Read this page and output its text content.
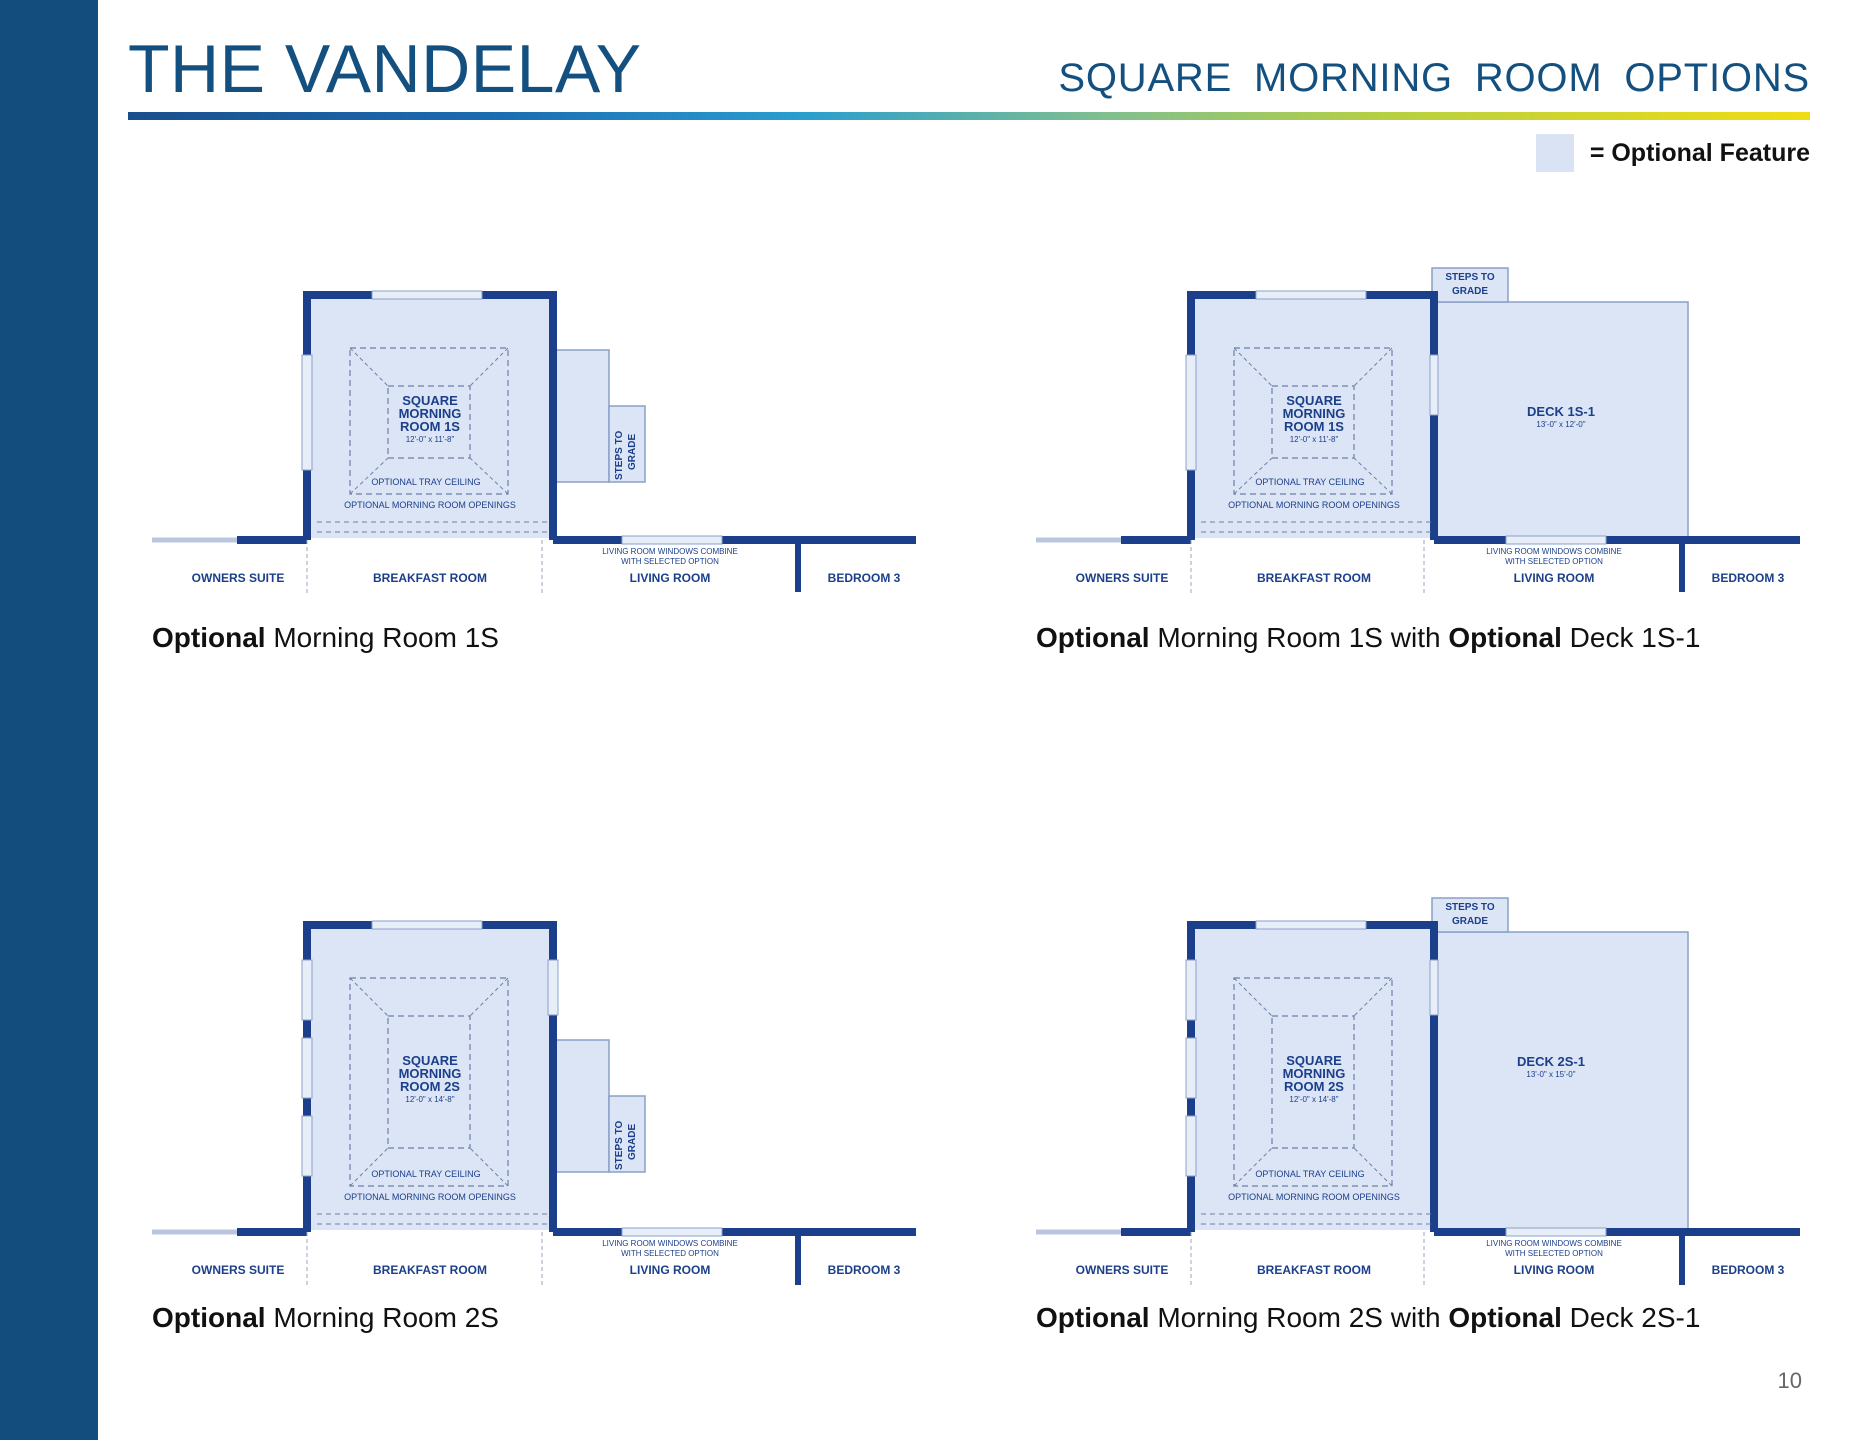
THE VANDELAY	SQUARE MORNING ROOM OPTIONS
= Optional Feature
SQUARE
MORNING
ROOM 1S
12'-0" x 11'-8"
OPTIONAL TRAY CEILING
OPTIONAL MORNING ROOM OPENINGS
STEPS TO GRADE
LIVING ROOM WINDOWS COMBINE
WITH SELECTED OPTION
OWNERS SUITE	BREAKFAST ROOM	LIVING ROOM	BEDROOM 3
Optional Morning Room 1S
SQUARE
MORNING
ROOM 1S
12'-0" x 11'-8"
OPTIONAL TRAY CEILING
OPTIONAL MORNING ROOM OPENINGS
STEPS TO
GRADE
DECK 1S-1
13'-0" x 12'-0"
LIVING ROOM WINDOWS COMBINE
WITH SELECTED OPTION
OWNERS SUITE	BREAKFAST ROOM	LIVING ROOM	BEDROOM 3
Optional Morning Room 1S with Optional Deck 1S-1
SQUARE
MORNING
ROOM 2S
12'-0" x 14'-8"
OPTIONAL TRAY CEILING
OPTIONAL MORNING ROOM OPENINGS
STEPS TO GRADE
LIVING ROOM WINDOWS COMBINE
WITH SELECTED OPTION
OWNERS SUITE	BREAKFAST ROOM	LIVING ROOM	BEDROOM 3
Optional Morning Room 2S
SQUARE
MORNING
ROOM 2S
12'-0" x 14'-8"
OPTIONAL TRAY CEILING
OPTIONAL MORNING ROOM OPENINGS
STEPS TO
GRADE
DECK 2S-1
13'-0" x 15'-0"
LIVING ROOM WINDOWS COMBINE
WITH SELECTED OPTION
OWNERS SUITE	BREAKFAST ROOM	LIVING ROOM	BEDROOM 3
Optional Morning Room 2S with Optional Deck 2S-1
10
